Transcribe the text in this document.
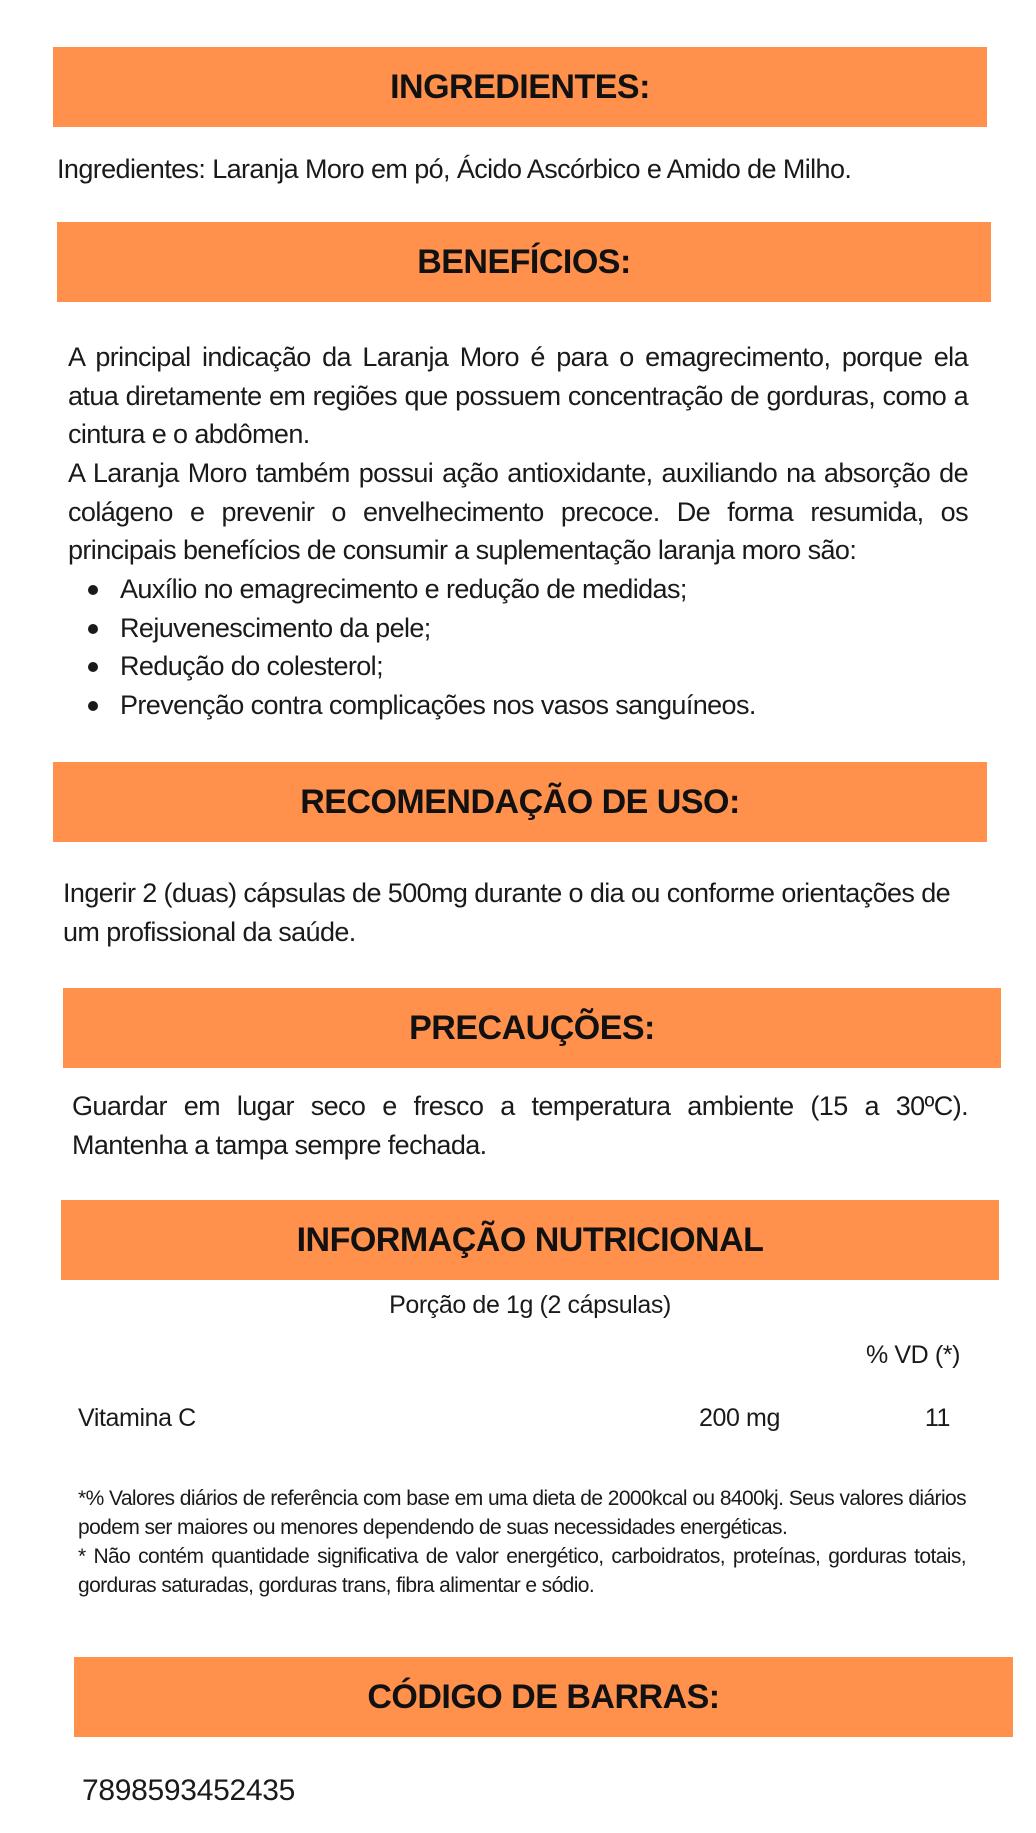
INGREDIENTES:

Ingredientes: Laranja Moro em pó, Ácido Ascórbico e Amido de Milho.

BENEFÍCIOS:

A principal indicação da Laranja Moro é para o emagrecimento, porque ela atua diretamente em regiões que possuem concentração de gorduras, como a cintura e o abdômen.

A Laranja Moro também possui ação antioxidante, auxiliando na absorção de colágeno e prevenir o envelhecimento precoce. De forma resumida, os principais benefícios de consumir a suplementação laranja moro são:

Auxílio no emagrecimento e redução de medidas;
Rejuvenescimento da pele;
Redução do colesterol;
Prevenção contra complicações nos vasos sanguíneos.
RECOMENDAÇÃO DE USO:

Ingerir 2 (duas) cápsulas de 500mg durante o dia ou conforme orientações de um profissional da saúde.

PRECAUÇÕES:

Guardar em lugar seco e fresco a temperatura ambiente (15 a 30ºC). Mantenha a tampa sempre fechada.

INFORMAÇÃO NUTRICIONAL
Porção de 1g (2 cápsulas)
% VD (*)
Vitamina C	200 mg	11

*% Valores diários de referência com base em uma dieta de 2000kcal ou 8400kj. Seus valores diários podem ser maiores ou menores dependendo de suas necessidades energéticas.

* Não contém quantidade significativa de valor energético, carboidratos, proteínas, gorduras totais, gorduras saturadas, gorduras trans, fibra alimentar e sódio.

CÓDIGO DE BARRAS:
7898593452435
